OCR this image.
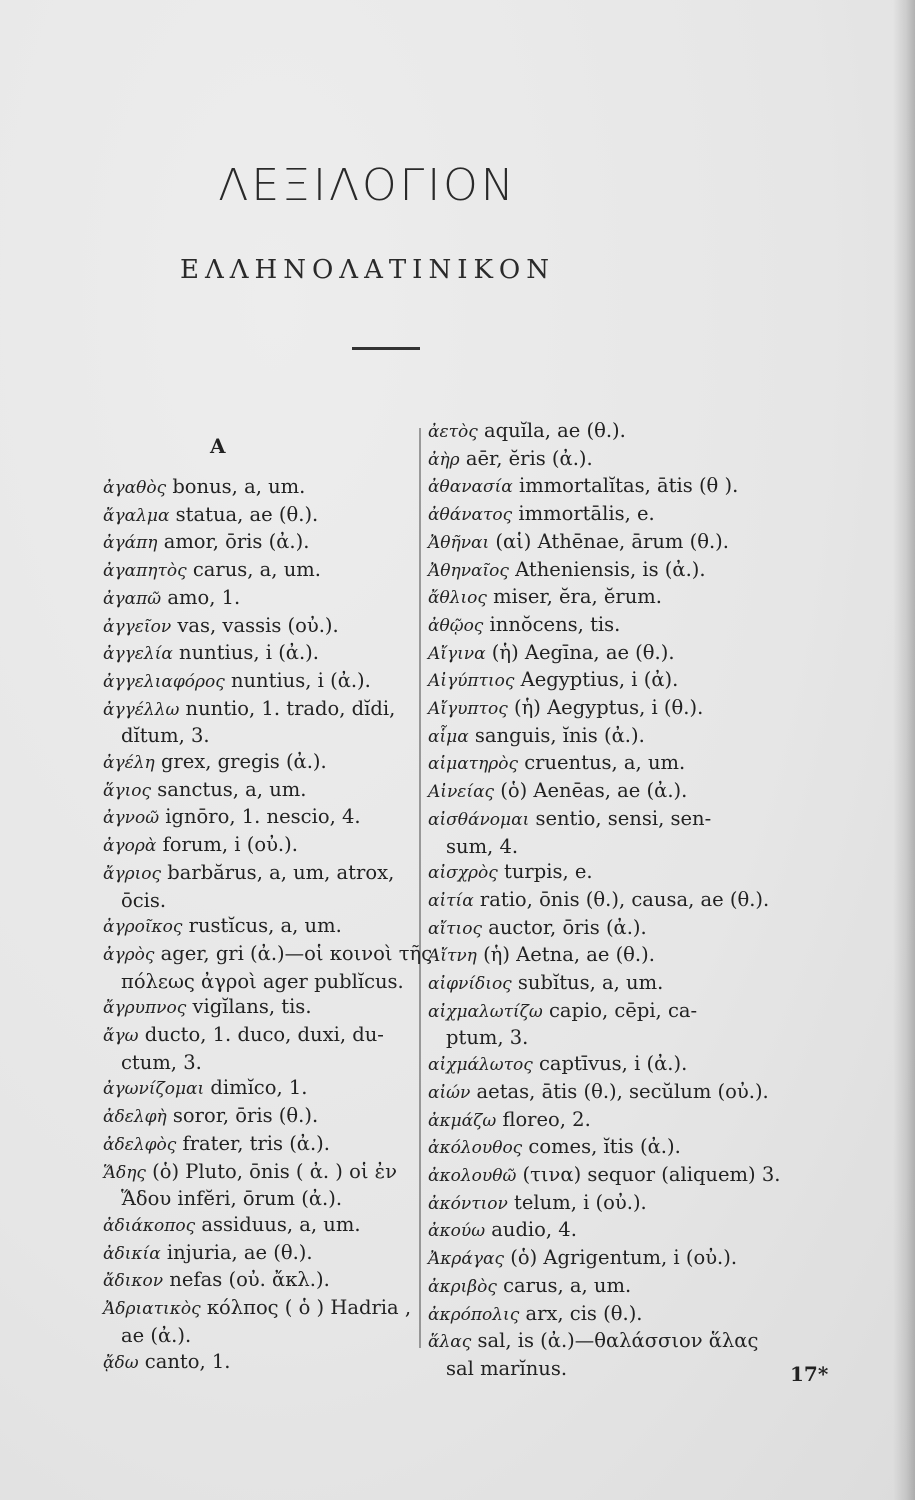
ΛΕΞΙΛΟΓΙΟΝ
ΕΛΛΗΝΟΛΑΤΙΝΙΚΟΝ
Α
ἀγαθὸς bonus, a, um.
ἄγαλμα statua, ae (θ.).
ἀγάπη amor, ōris (ἀ.).
ἀγαπητὸς carus, a, um.
ἀγαπῶ amo, 1.
ἀγγεῖον vas, vassis (οὐ.).
ἀγγελία nuntius, i (ἀ.).
ἀγγελιαφόρος nuntius, i (ἀ.).
ἀγγέλλω nuntio, 1. trado, dĭdi,
dĭtum, 3.
ἀγέλη grex, gregis (ἀ.).
ἅγιος sanctus, a, um.
ἀγνοῶ ignōro, 1. nescio, 4.
ἀγορὰ forum, i (οὐ.).
ἄγριος barbărus, a, um, atrox,
ōcis.
ἀγροῖκος rustĭcus, a, um.
ἀγρὸς ager, gri (ἀ.)—οἱ κοινοὶ τῆς
πόλεως ἀγροὶ ager publĭcus.
ἄγρυπνος vigĭlans, tis.
ἄγω ducto, 1. duco, duxi, du-
ctum, 3.
ἀγωνίζομαι dimĭco, 1.
ἀδελφὴ soror, ōris (θ.).
ἀδελφὸς frater, tris (ἀ.).
Ἅδης (ὁ) Pluto, ōnis ( ἀ. ) οἱ ἐν
Ἅδου infĕri, ōrum (ἀ.).
ἀδιάκοπος assiduus, a, um.
ἀδικία injuria, ae (θ.).
ἄδικον nefas (οὐ. ἄκλ.).
Ἀδριατικὸς κόλπος ( ὁ ) Hadria ,
ae (ἀ.).
ᾄδω canto, 1.
ἀετὸς aquĭla, ae (θ.).
ἀὴρ aēr, ĕris (ἀ.).
ἀθανασία immortalĭtas, ātis (θ ).
ἀθάνατος immortālis, e.
Ἀθῆναι (αἱ) Athēnae, ārum (θ.).
Ἀθηναῖος Atheniensis, is (ἀ.).
ἄθλιος miser, ĕra, ĕrum.
ἀθῷος innŏcens, tis.
Αἴγινα (ἡ) Aegīna, ae (θ.).
Αἰγύπτιος Aegyptius, i (ἀ).
Αἴγυπτος (ἡ) Aegyptus, i (θ.).
αἷμα sanguis, ĭnis (ἀ.).
αἱματηρὸς cruentus, a, um.
Αἰνείας (ὁ) Aenēas, ae (ἀ.).
αἰσθάνομαι sentio, sensi, sen-
sum, 4.
αἰσχρὸς turpis, e.
αἰτία ratio, ōnis (θ.), causa, ae (θ.).
αἴτιος auctor, ōris (ἀ.).
Αἴτνη (ἡ) Aetna, ae (θ.).
αἰφνίδιος subĭtus, a, um.
αἰχμαλωτίζω capio, cēpi, ca-
ptum, 3.
αἰχμάλωτος captīvus, i (ἀ.).
αἰών aetas, ātis (θ.), secŭlum (οὐ.).
ἀκμάζω floreo, 2.
ἀκόλουθος comes, ĭtis (ἀ.).
ἀκολουθῶ (τινα) sequor (aliquem) 3.
ἀκόντιον telum, i (οὐ.).
ἀκούω audio, 4.
Ἀκράγας (ὁ) Agrigentum, i (οὐ.).
ἀκριβὸς carus, a, um.
ἀκρόπολις arx, cis (θ.).
ἅλας sal, is (ἀ.)—θαλάσσιον ἅλας
sal marĭnus.	17*
